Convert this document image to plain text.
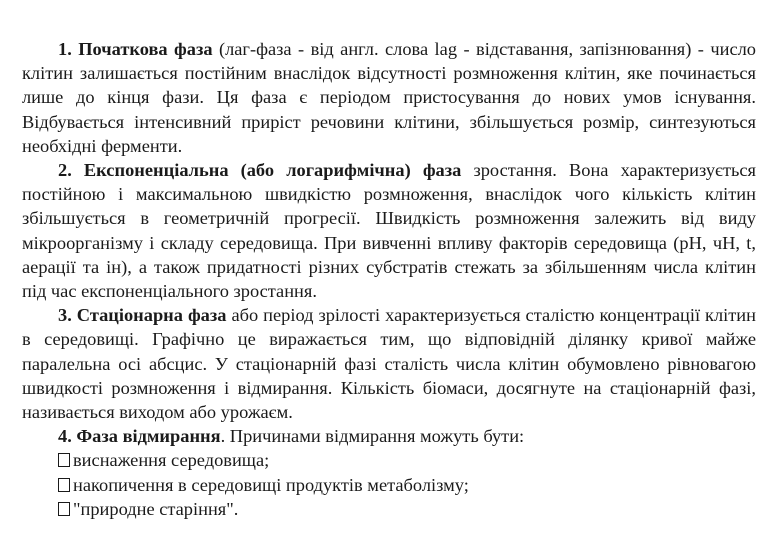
1. Початкова фаза (лаг-фаза - від англ. слова lag - відставання, запізнювання) - число клітин залишається постійним внаслідок відсутності розмноження клітин, яке починається лише до кінця фази. Ця фаза є періодом пристосування до нових умов існування. Відбувається інтенсивний приріст речовини клітини, збільшується розмір, синтезуються необхідні ферменти.

2. Експоненціальна (або логарифмічна) фаза зростання. Вона характеризується постійною і максимальною швидкістю розмноження, внаслідок чого кількість клітин збільшується в геометричній прогресії. Швидкість розмноження залежить від виду мікроорганізму і складу середовища. При вивченні впливу факторів середовища (рН, чН, t, аерації та ін), а також придатності різних субстратів стежать за збільшенням числа клітин під час експоненціального зростання.

3. Стаціонарна фаза або період зрілості характеризується сталістю концентрації клітин в середовищі. Графічно це виражається тим, що відповідній ділянку кривої майже паралельна осі абсцис. У стаціонарній фазі сталість числа клітин обумовлено рівновагою швидкості розмноження і відмирання. Кількість біомаси, досягнуте на стаціонарній фазі, називається виходом або урожаєм.

4. Фаза відмирання. Причинами відмирання можуть бути:

виснаження середовища;
накопичення в середовищі продуктів метаболізму;
"природне старіння".
